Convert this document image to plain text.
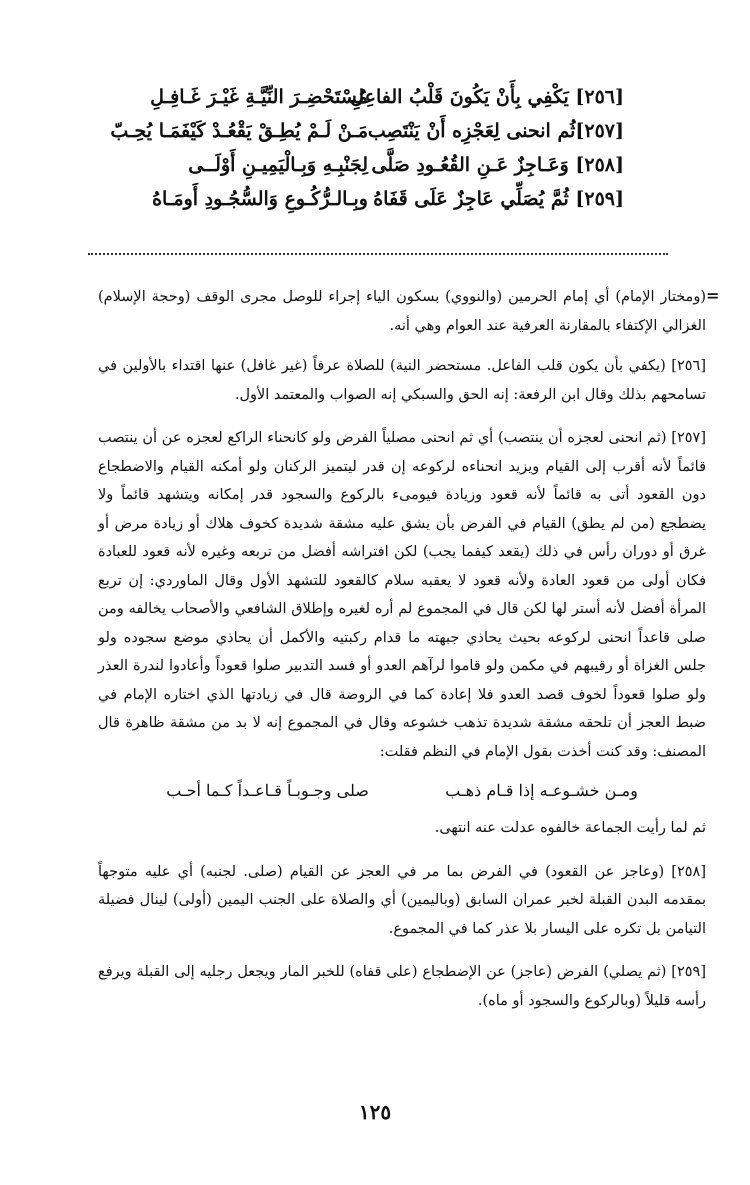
[٢٥٦] يَكْفِي بِأَنْ يَكُونَ قَلْبُ الفاعِلِ
مُسْتَحْضِـرَ النِّيَّـةِ غَيْـرَ غَـافِـلِ
[٢٥٧]ثُم انحنى لِعَجْزِه أَنْ يَنْتَصِب
مَـنْ لَـمْ يُطِـقْ يَقْعُـدْ كَيْفَمَـا يُحِـبّ
[٢٥٨] وَعَـاجِزٌ عَـنِ القُعُـودِ صَلَّى
لِجَنْبِـهِ وَبِـالْيَمِيـنِ أَوْلَــى
[٢٥٩] ثُمَّ يُصَلِّي عَاجِزٌ عَلَى قَفَاهُ
وبِـالـرُّكُـوعِ وَالسُّجُـودِ أَومَـاهُ
=

(ومختار الإمام) أي إمام الحرمين (والنووي) بسكون الياء إجراء للوصل مجرى الوقف (وحجة الإسلام) الغزالي الإكتفاء بالمقارنة العرفية عند العوام وهي أنه.

[٢٥٦] (يكفي بأن يكون قلب الفاعل. مستحضر النية) للصلاة عرفاً (غير غافل) عنها اقتداء بالأولين في تسامحهم بذلك وقال ابن الرفعة: إنه الحق والسبكي إنه الصواب والمعتمد الأول.

[٢٥٧] (ثم انحنى لعجزه أن ينتصب) أي ثم انحنى مصلياً الفرض ولو كانحناء الراكع لعجزه عن أن ينتصب قائماً لأنه أقرب إلى القيام ويزيد انحناءه لركوعه إن قدر ليتميز الركنان ولو أمكنه القيام والاضطجاع دون القعود أتى به قائماً لأنه قعود وزيادة فيومىء بالركوع والسجود قدر إمكانه ويتشهد قائماً ولا يضطجع (من لم يطق) القيام في الفرض بأن يشق عليه مشقة شديدة كخوف هلاك أو زيادة مرض أو غرق أو دوران رأس في ذلك (يقعد كيفما يجب) لكن افتراشه أفضل من تربعه وغيره لأنه قعود للعبادة فكان أولى من قعود العادة ولأنه قعود لا يعقبه سلام كالقعود للتشهد الأول وقال الماوردي: إن تربع المرأة أفضل لأنه أستر لها لكن قال في المجموع لم أره لغيره وإطلاق الشافعي والأصحاب يخالفه ومن صلى قاعداً انحنى لركوعه بحيث يحاذي جبهته ما قدام ركبتيه والأكمل أن يحاذي موضع سجوده ولو جلس الغزاة أو رقيبهم في مكمن ولو قاموا لرآهم العدو أو فسد التدبير صلوا قعوداً وأعادوا لندرة العذر ولو صلوا قعوداً لخوف قصد العدو فلا إعادة كما في الروضة قال في زيادتها الذي اختاره الإمام في ضبط العجز أن تلحقه مشقة شديدة تذهب خشوعه وقال في المجموع إنه لا بد من مشقة ظاهرة قال المصنف: وقد كنت أخذت بقول الإمام في النظم فقلت:

ومـن خشـوعـه إذا قـام ذهـب
صلى وجـوبـاً قـاعـداً كـما أحـب

ثم لما رأيت الجماعة خالفوه عدلت عنه انتهى.

[٢٥٨] (وعاجز عن القعود) في الفرض بما مر في العجز عن القيام (صلى. لجنبه) أي عليه متوجهاً بمقدمه البدن القبلة لخبر عمران السابق (وباليمين) أي والصلاة على الجنب اليمين (أولى) لينال فضيلة التيامن بل تكره على اليسار بلا عذر كما في المجموع.

[٢٥٩] (ثم يصلي) الفرض (عاجز) عن الإضطجاع (على قفاه) للخبر المار ويجعل رجليه إلى القبلة ويرفع رأسه قليلاً (وبالركوع والسجود أو ماه).

١٢٥
